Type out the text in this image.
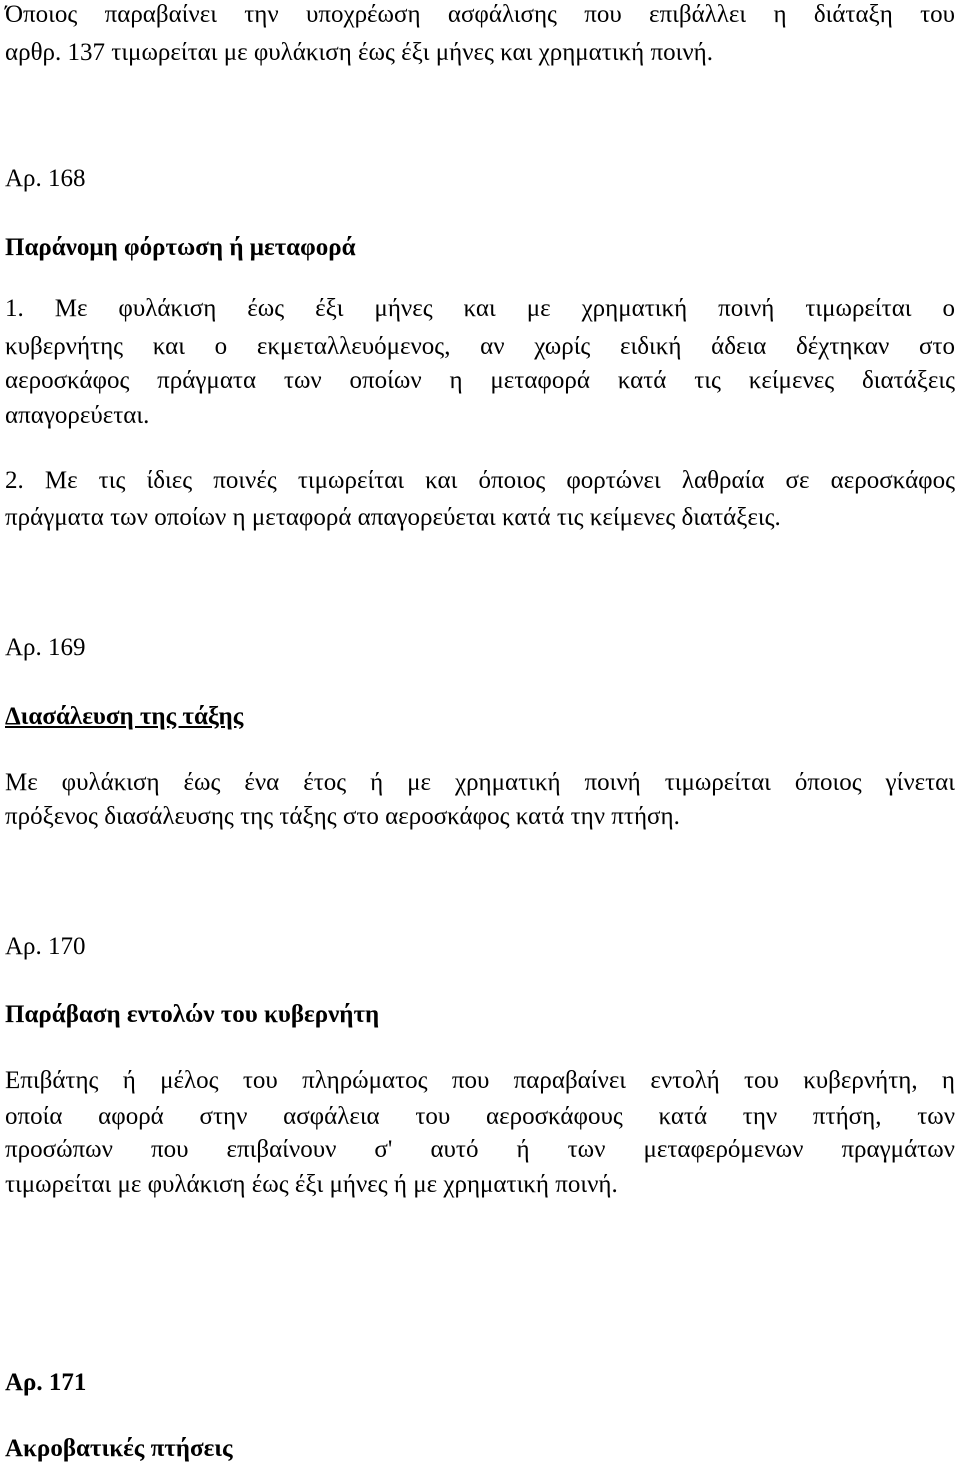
Όποιος παραβαίνει την υποχρέωση ασφάλισης που επιβάλλει η διάταξη του
αρθρ. 137 τιμωρείται με φυλάκιση έως έξι μήνες και χρηματική ποινή.
Αρ. 168
Παράνομη φόρτωση ή μεταφορά
1. Με φυλάκιση έως έξι μήνες και με χρηματική ποινή τιμωρείται ο
κυβερνήτης και ο εκμεταλλευόμενος, αν χωρίς ειδική άδεια δέχτηκαν στο
αεροσκάφος πράγματα των οποίων η μεταφορά κατά τις κείμενες διατάξεις
απαγορεύεται.
2. Με τις ίδιες ποινές τιμωρείται και όποιος φορτώνει λαθραία σε αεροσκάφος
πράγματα των οποίων η μεταφορά απαγορεύεται κατά τις κείμενες διατάξεις.
Αρ. 169
Διασάλευση της τάξης
Με φυλάκιση έως ένα έτος ή με χρηματική ποινή τιμωρείται όποιος γίνεται
πρόξενος διασάλευσης της τάξης στο αεροσκάφος κατά την πτήση.
Αρ. 170
Παράβαση εντολών του κυβερνήτη
Επιβάτης ή μέλος του πληρώματος που παραβαίνει εντολή του κυβερνήτη, η
οποία αφορά στην ασφάλεια του αεροσκάφους κατά την πτήση, των
προσώπων που επιβαίνουν σ' αυτό ή των μεταφερόμενων πραγμάτων
τιμωρείται με φυλάκιση έως έξι μήνες ή με χρηματική ποινή.
Αρ. 171
Ακροβατικές πτήσεις
